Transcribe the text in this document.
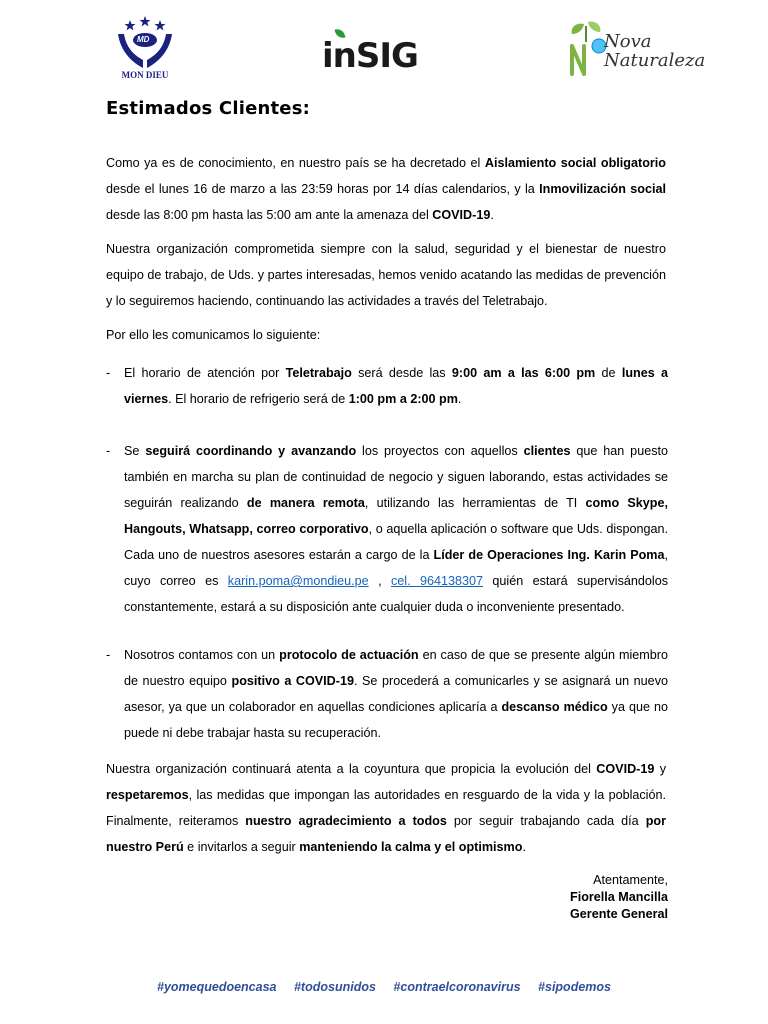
MD
MON DIEU	inSIG	Nova Naturaleza
Estimados Clientes:

Como ya es de conocimiento, en nuestro país se ha decretado el Aislamiento social obligatorio desde el lunes 16 de marzo a las 23:59 horas por 14 días calendarios, y la Inmovilización social desde las 8:00 pm hasta las 5:00 am ante la amenaza del COVID-19.

Nuestra organización comprometida siempre con la salud, seguridad y el bienestar de nuestro equipo de trabajo, de Uds. y partes interesadas, hemos venido acatando las medidas de prevención y lo seguiremos haciendo, continuando las actividades a través del Teletrabajo.

Por ello les comunicamos lo siguiente:

- El horario de atención por Teletrabajo será desde las 9:00 am a las 6:00 pm de lunes a viernes. El horario de refrigerio será de 1:00 pm a 2:00 pm.
- Se seguirá coordinando y avanzando los proyectos con aquellos clientes que han puesto también en marcha su plan de continuidad de negocio y siguen laborando, estas actividades se seguirán realizando de manera remota, utilizando las herramientas de TI como Skype, Hangouts, Whatsapp, correo corporativo, o aquella aplicación o software que Uds. dispongan. Cada uno de nuestros asesores estarán a cargo de la Líder de Operaciones Ing. Karin Poma, cuyo correo es karin.poma@mondieu.pe , cel. 964138307 quién estará supervisándolos constantemente, estará a su disposición ante cualquier duda o inconveniente presentado.
- Nosotros contamos con un protocolo de actuación en caso de que se presente algún miembro de nuestro equipo positivo a COVID-19. Se procederá a comunicarles y se asignará un nuevo asesor, ya que un colaborador en aquellas condiciones aplicaría a descanso médico ya que no puede ni debe trabajar hasta su recuperación.

Nuestra organización continuará atenta a la coyuntura que propicia la evolución del COVID-19 y respetaremos, las medidas que impongan las autoridades en resguardo de la vida y la población. Finalmente, reiteramos nuestro agradecimiento a todos por seguir trabajando cada día por nuestro Perú e invitarlos a seguir manteniendo la calma y el optimismo.

Atentamente,
Fiorella Mancilla
Gerente General
#yomequedoencasa #todosunidos #contraelcoronavirus #sipodemos
